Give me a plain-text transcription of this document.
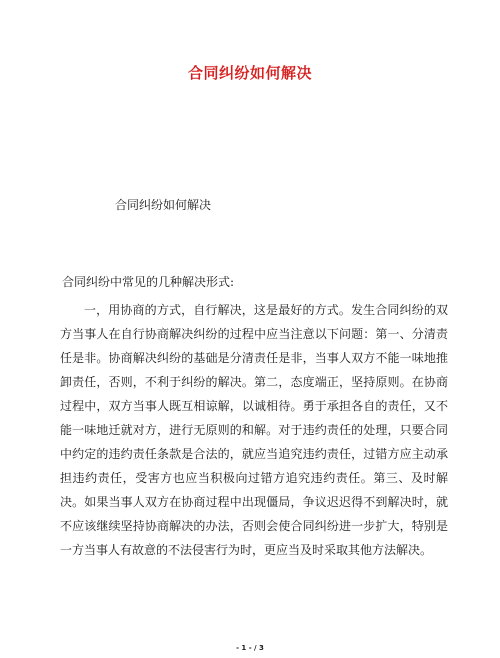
合同纠纷如何解决

合同纠纷如何解决

合同纠纷中常见的几种解决形式:

一，用协商的方式，自行解决，这是最好的方式。发生合同纠纷的双方当事人在自行协商解决纠纷的过程中应当注意以下问题：第一、分清责任是非。协商解决纠纷的基础是分清责任是非，当事人双方不能一味地推卸责任，否则，不利于纠纷的解决。第二，态度端正，坚持原则。在协商过程中，双方当事人既互相谅解，以诚相待。勇于承担各自的责任，又不能一味地迁就对方，进行无原则的和解。对于违约责任的处理，只要合同中约定的违约责任条款是合法的，就应当追究违约责任，过错方应主动承担违约责任，受害方也应当积极向过错方追究违约责任。第三、及时解决。如果当事人双方在协商过程中出现僵局，争议迟迟得不到解决时，就不应该继续坚持协商解决的办法，否则会使合同纠纷进一步扩大，特别是一方当事人有故意的不法侵害行为时，更应当及时采取其他方法解决。

- 1 - / 3
